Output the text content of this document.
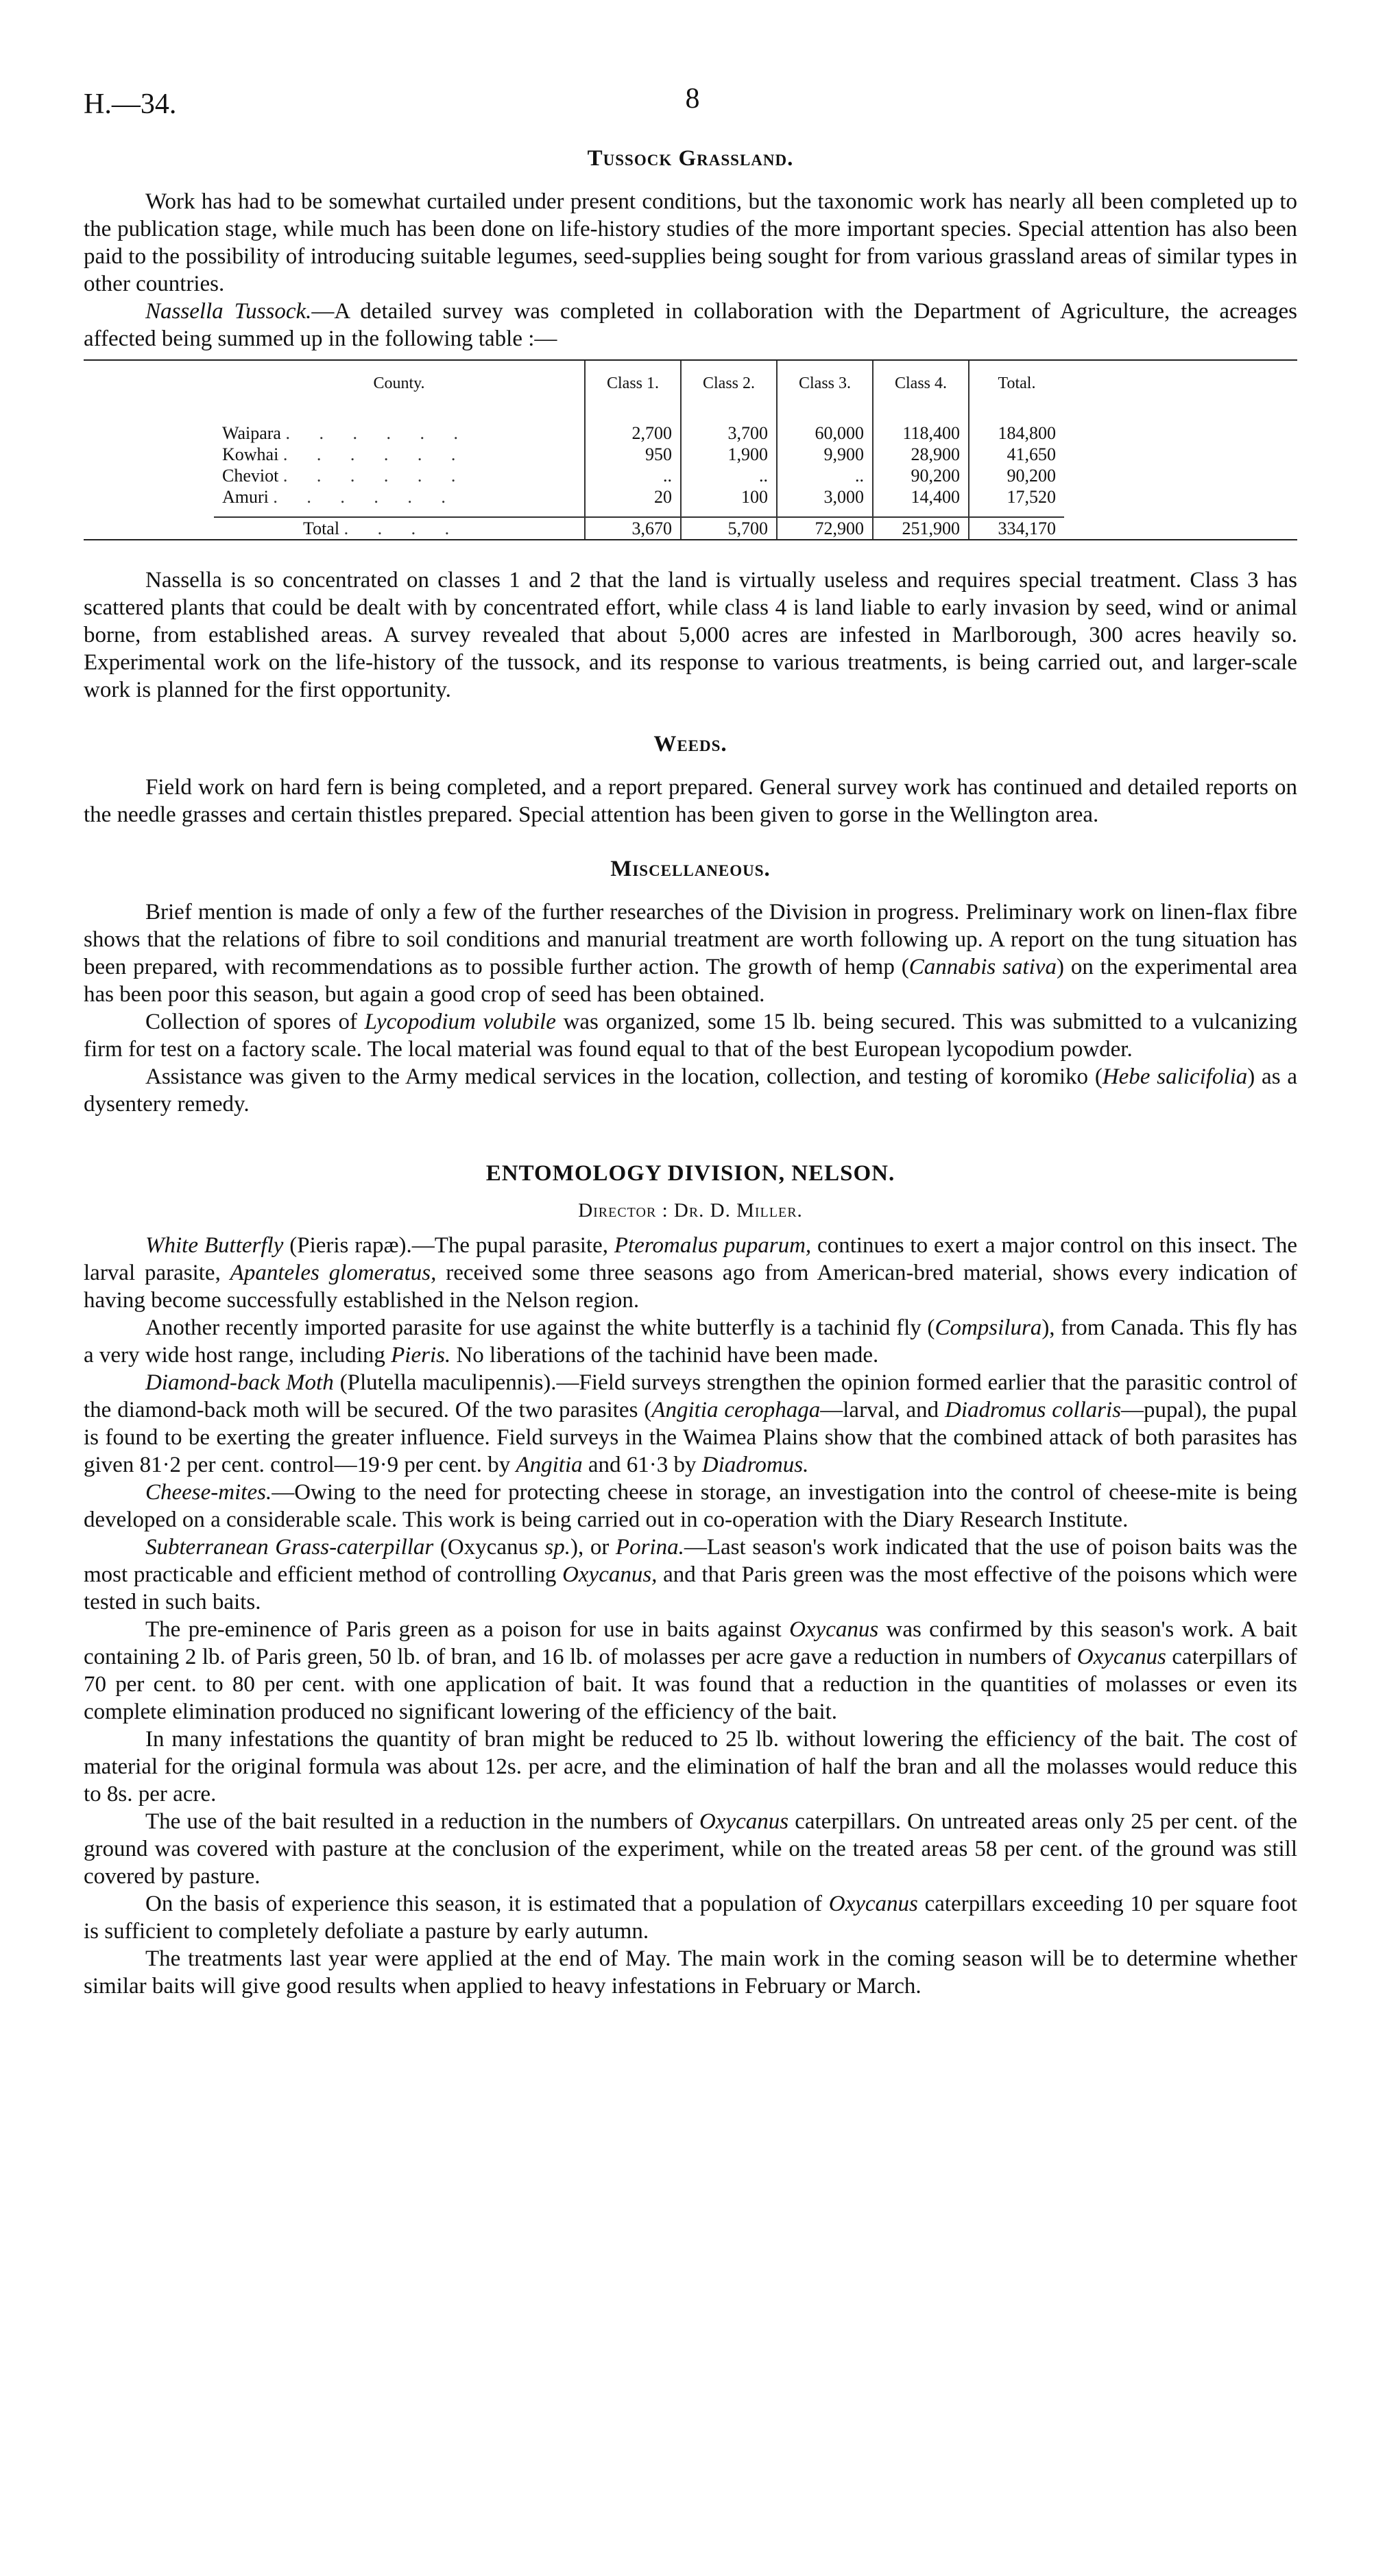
H.—34.	8
Tussock Grassland.

Work has had to be somewhat curtailed under present conditions, but the taxonomic work has nearly all been completed up to the publication stage, while much has been done on life-history studies of the more important species. Special attention has also been paid to the possibility of introducing suitable legumes, seed-supplies being sought for from various grassland areas of similar types in other countries.

Nassella Tussock.—A detailed survey was completed in collaboration with the Department of Agriculture, the acreages affected being summed up in the following table :—

County.	Class 1.	Class 2.	Class 3.	Class 4.	Total.

Waipara . . . . . .	2,700	3,700	60,000	118,400	184,800
Kowhai . . . . . .	950	1,900	9,900	28,900	41,650
Cheviot . . . . . .	..	..	..	90,200	90,200
Amuri . . . . . .	20	100	3,000	14,400	17,520

Total . . . .	3,670	5,700	72,900	251,900	334,170

Nassella is so concentrated on classes 1 and 2 that the land is virtually useless and requires special treatment. Class 3 has scattered plants that could be dealt with by concentrated effort, while class 4 is land liable to early invasion by seed, wind or animal borne, from established areas. A survey revealed that about 5,000 acres are infested in Marlborough, 300 acres heavily so. Experimental work on the life-history of the tussock, and its response to various treatments, is being carried out, and larger-scale work is planned for the first opportunity.

Weeds.

Field work on hard fern is being completed, and a report prepared. General survey work has continued and detailed reports on the needle grasses and certain thistles prepared. Special attention has been given to gorse in the Wellington area.

Miscellaneous.

Brief mention is made of only a few of the further researches of the Division in progress. Preliminary work on linen-flax fibre shows that the relations of fibre to soil conditions and manurial treatment are worth following up. A report on the tung situation has been prepared, with recommendations as to possible further action. The growth of hemp (Cannabis sativa) on the experimental area has been poor this season, but again a good crop of seed has been obtained.

Collection of spores of Lycopodium volubile was organized, some 15 lb. being secured. This was submitted to a vulcanizing firm for test on a factory scale. The local material was found equal to that of the best European lycopodium powder.

Assistance was given to the Army medical services in the location, collection, and testing of koromiko (Hebe salicifolia) as a dysentery remedy.

ENTOMOLOGY DIVISION, NELSON.

Director : Dr. D. Miller.

White Butterfly (Pieris rapæ).—The pupal parasite, Pteromalus puparum, continues to exert a major control on this insect. The larval parasite, Apanteles glomeratus, received some three seasons ago from American-bred material, shows every indication of having become successfully established in the Nelson region.

Another recently imported parasite for use against the white butterfly is a tachinid fly (Compsilura), from Canada. This fly has a very wide host range, including Pieris. No liberations of the tachinid have been made.

Diamond-back Moth (Plutella maculipennis).—Field surveys strengthen the opinion formed earlier that the parasitic control of the diamond-back moth will be secured. Of the two parasites (Angitia cerophaga—larval, and Diadromus collaris—pupal), the pupal is found to be exerting the greater influence. Field surveys in the Waimea Plains show that the combined attack of both parasites has given 81·2 per cent. control—19·9 per cent. by Angitia and 61·3 by Diadromus.

Cheese-mites.—Owing to the need for protecting cheese in storage, an investigation into the control of cheese-mite is being developed on a considerable scale. This work is being carried out in co-operation with the Diary Research Institute.

Subterranean Grass-caterpillar (Oxycanus sp.), or Porina.—Last season's work indicated that the use of poison baits was the most practicable and efficient method of controlling Oxycanus, and that Paris green was the most effective of the poisons which were tested in such baits.

The pre-eminence of Paris green as a poison for use in baits against Oxycanus was confirmed by this season's work. A bait containing 2 lb. of Paris green, 50 lb. of bran, and 16 lb. of molasses per acre gave a reduction in numbers of Oxycanus caterpillars of 70 per cent. to 80 per cent. with one application of bait. It was found that a reduction in the quantities of molasses or even its complete elimination produced no significant lowering of the efficiency of the bait.

In many infestations the quantity of bran might be reduced to 25 lb. without lowering the efficiency of the bait. The cost of material for the original formula was about 12s. per acre, and the elimination of half the bran and all the molasses would reduce this to 8s. per acre.

The use of the bait resulted in a reduction in the numbers of Oxycanus caterpillars. On untreated areas only 25 per cent. of the ground was covered with pasture at the conclusion of the experiment, while on the treated areas 58 per cent. of the ground was still covered by pasture.

On the basis of experience this season, it is estimated that a population of Oxycanus caterpillars exceeding 10 per square foot is sufficient to completely defoliate a pasture by early autumn.

The treatments last year were applied at the end of May. The main work in the coming season will be to determine whether similar baits will give good results when applied to heavy infestations in February or March.
